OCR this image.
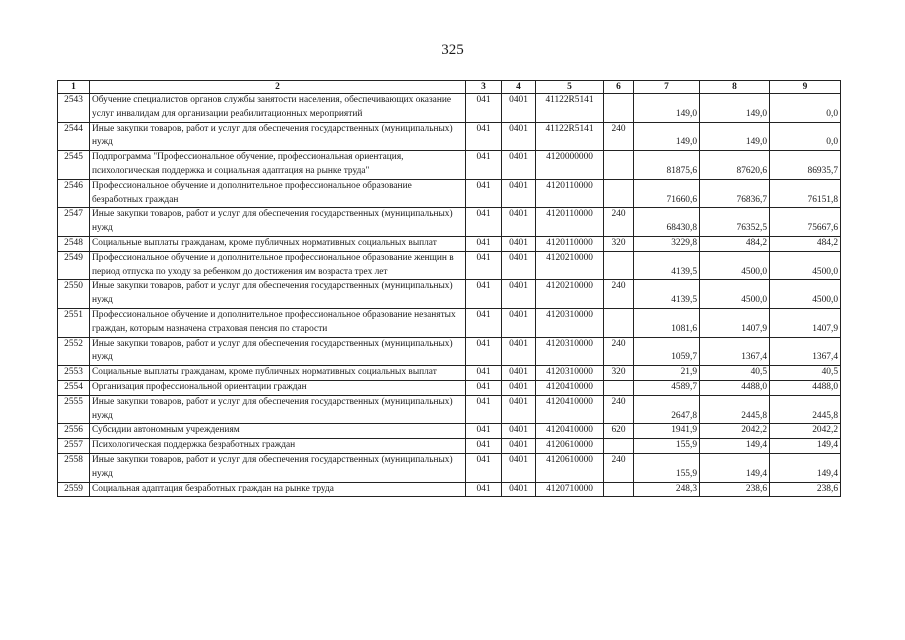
325
1	2	3	4	5	6	7	8	9
2543	Обучение специалистов органов службы занятости населения, обеспечивающих оказание услуг инвалидам для организации реабилитационных мероприятий	041	0401	41122R5141		149,0	149,0	0,0
2544	Иные закупки товаров, работ и услуг для обеспечения государственных (муниципальных) нужд	041	0401	41122R5141	240	149,0	149,0	0,0
2545	Подпрограмма "Профессиональное обучение, профессиональная ориентация, психологическая поддержка и социальная адаптация на рынке труда"	041	0401	4120000000		81875,6	87620,6	86935,7
2546	Профессиональное обучение и дополнительное профессиональное образование безработных граждан	041	0401	4120110000		71660,6	76836,7	76151,8
2547	Иные закупки товаров, работ и услуг для обеспечения государственных (муниципальных) нужд	041	0401	4120110000	240	68430,8	76352,5	75667,6
2548	Социальные выплаты гражданам, кроме публичных нормативных социальных выплат	041	0401	4120110000	320	3229,8	484,2	484,2
2549	Профессиональное обучение и дополнительное профессиональное образование женщин в период отпуска по уходу за ребенком до достижения им возраста трех лет	041	0401	4120210000		4139,5	4500,0	4500,0
2550	Иные закупки товаров, работ и услуг для обеспечения государственных (муниципальных) нужд	041	0401	4120210000	240	4139,5	4500,0	4500,0
2551	Профессиональное обучение и дополнительное профессиональное образование незанятых граждан, которым назначена страховая пенсия по старости	041	0401	4120310000		1081,6	1407,9	1407,9
2552	Иные закупки товаров, работ и услуг для обеспечения государственных (муниципальных) нужд	041	0401	4120310000	240	1059,7	1367,4	1367,4
2553	Социальные выплаты гражданам, кроме публичных нормативных социальных выплат	041	0401	4120310000	320	21,9	40,5	40,5
2554	Организация профессиональной ориентации граждан	041	0401	4120410000		4589,7	4488,0	4488,0
2555	Иные закупки товаров, работ и услуг для обеспечения государственных (муниципальных) нужд	041	0401	4120410000	240	2647,8	2445,8	2445,8
2556	Субсидии автономным учреждениям	041	0401	4120410000	620	1941,9	2042,2	2042,2
2557	Психологическая поддержка безработных граждан	041	0401	4120610000		155,9	149,4	149,4
2558	Иные закупки товаров, работ и услуг для обеспечения государственных (муниципальных) нужд	041	0401	4120610000	240	155,9	149,4	149,4
2559	Социальная адаптация безработных граждан на рынке труда	041	0401	4120710000		248,3	238,6	238,6
